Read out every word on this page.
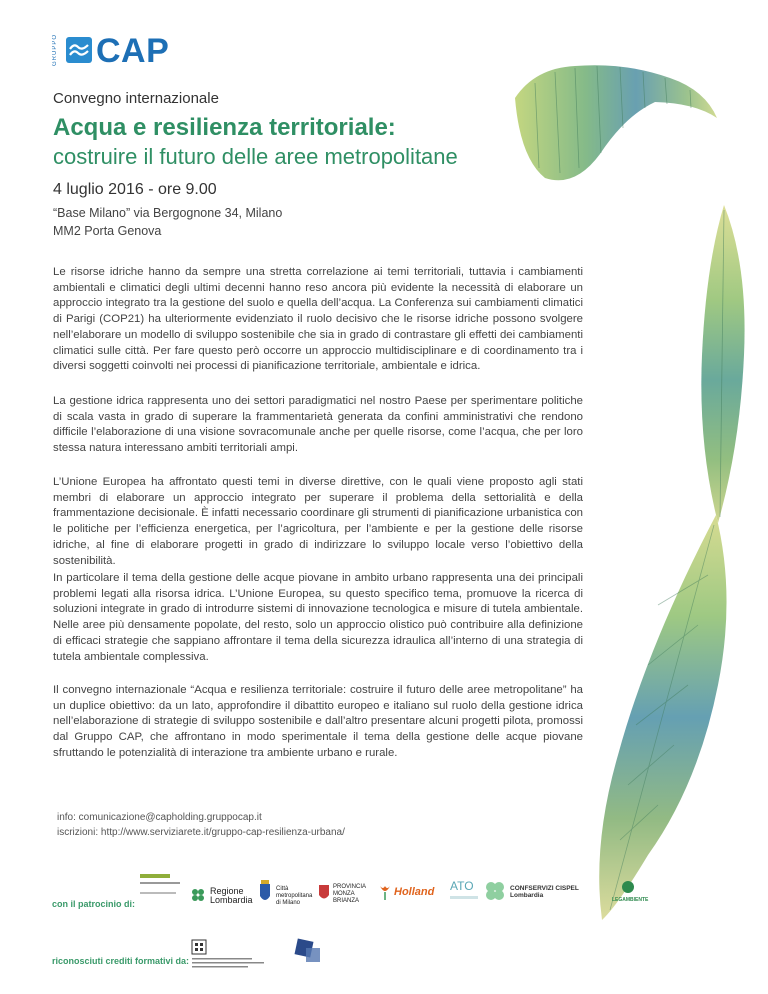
GRUPPO CAP
Convegno internazionale
Acqua e resilienza territoriale:
costruire il futuro delle aree metropolitane
4 luglio 2016 - ore 9.00
“Base Milano” via Bergognone 34, Milano
MM2 Porta Genova

Le risorse idriche hanno da sempre una stretta correlazione ai temi territoriali, tuttavia i cambiamenti ambientali e climatici degli ultimi decenni hanno reso ancora più evidente la necessità di elaborare un approccio integrato tra la gestione del suolo e quella dell’acqua. La Conferenza sui cambiamenti climatici di Parigi (COP21) ha ulteriormente evidenziato il ruolo decisivo che le risorse idriche possono svolgere nell’elaborare un modello di sviluppo sostenibile che sia in grado di contrastare gli effetti dei cambiamenti climatici sulle città. Per fare questo però occorre un approccio multidisciplinare e di coordinamento tra i diversi soggetti coinvolti nei processi di pianificazione territoriale, ambientale e idrica.

La gestione idrica rappresenta uno dei settori paradigmatici nel nostro Paese per sperimentare politiche di scala vasta in grado di superare la frammentarietà generata da confini amministrativi che rendono difficile l’elaborazione di una visione sovracomunale anche per quelle risorse, come l’acqua, che per loro stessa natura interessano ambiti territoriali ampi.

L’Unione Europea ha affrontato questi temi in diverse direttive, con le quali viene proposto agli stati membri di elaborare un approccio integrato per superare il problema della settorialità e della frammentazione decisionale. È infatti necessario coordinare gli strumenti di pianificazione urbanistica con le politiche per l’efficienza energetica, per l’agricoltura, per l’ambiente e per la gestione delle risorse idriche, al fine di elaborare progetti in grado di indirizzare lo sviluppo locale verso l’obiettivo della sostenibilità.

In particolare il tema della gestione delle acque piovane in ambito urbano rappresenta una dei principali problemi legati alla risorsa idrica. L’Unione Europea, su questo specifico tema, promuove la ricerca di soluzioni integrate in grado di introdurre sistemi di innovazione tecnologica e misure di tutela ambientale. Nelle aree più densamente popolate, del resto, solo un approccio olistico può contribuire alla definizione di efficaci strategie che sappiano affrontare il tema della sicurezza idraulica all’interno di una strategia di tutela ambientale complessiva.

Il convegno internazionale “Acqua e resilienza territoriale: costruire il futuro delle aree metropolitane” ha un duplice obiettivo: da un lato, approfondire il dibattito europeo e italiano sul ruolo della gestione idrica nell’elaborazione di strategie di sviluppo sostenibile e dall’altro presentare alcuni progetti pilota, promossi dal Gruppo CAP, che affrontano in modo sperimentale il tema della gestione delle acque piovane sfruttando le potenzialità di interazione tra ambiente urbano e rurale.

info: comunicazione@capholding.gruppocap.it
iscrizioni: http://www.serviziarete.it/gruppo-cap-resilienza-urbana/
con il patrocinio di:
Regione
Lombardia
Città
metropolitana
di Milano
PROVINCIA
MONZA
BRIANZA
Holland ATO	CONFSERVIZI CISPEL Lombardia
LEGAMBIENTE
riconosciuti crediti formativi da:
